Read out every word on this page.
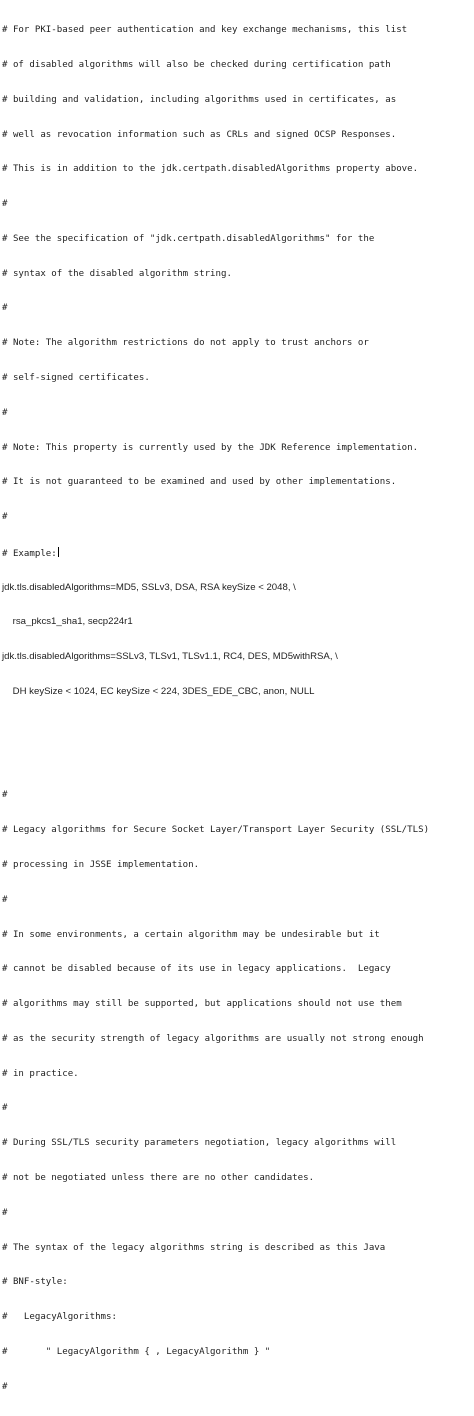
# For PKI-based peer authentication and key exchange mechanisms, this list

# of disabled algorithms will also be checked during certification path

# building and validation, including algorithms used in certificates, as

# well as revocation information such as CRLs and signed OCSP Responses.

# This is in addition to the jdk.certpath.disabledAlgorithms property above.

#

# See the specification of "jdk.certpath.disabledAlgorithms" for the

# syntax of the disabled algorithm string.

#

# Note: The algorithm restrictions do not apply to trust anchors or

# self-signed certificates.

#

# Note: This property is currently used by the JDK Reference implementation.

# It is not guaranteed to be examined and used by other implementations.

#

# Example:

jdk.tls.disabledAlgorithms=MD5, SSLv3, DSA, RSA keySize < 2048, \

rsa_pkcs1_sha1, secp224r1

jdk.tls.disabledAlgorithms=SSLv3, TLSv1, TLSv1.1, RC4, DES, MD5withRSA, \

DH keySize < 1024, EC keySize < 224, 3DES_EDE_CBC, anon, NULL

#

# Legacy algorithms for Secure Socket Layer/Transport Layer Security (SSL/TLS)

# processing in JSSE implementation.

#

# In some environments, a certain algorithm may be undesirable but it

# cannot be disabled because of its use in legacy applications.  Legacy

# algorithms may still be supported, but applications should not use them

# as the security strength of legacy algorithms are usually not strong enough

# in practice.

#

# During SSL/TLS security parameters negotiation, legacy algorithms will

# not be negotiated unless there are no other candidates.

#

# The syntax of the legacy algorithms string is described as this Java

# BNF-style:

#   LegacyAlgorithms:

#       " LegacyAlgorithm { , LegacyAlgorithm } "

#
